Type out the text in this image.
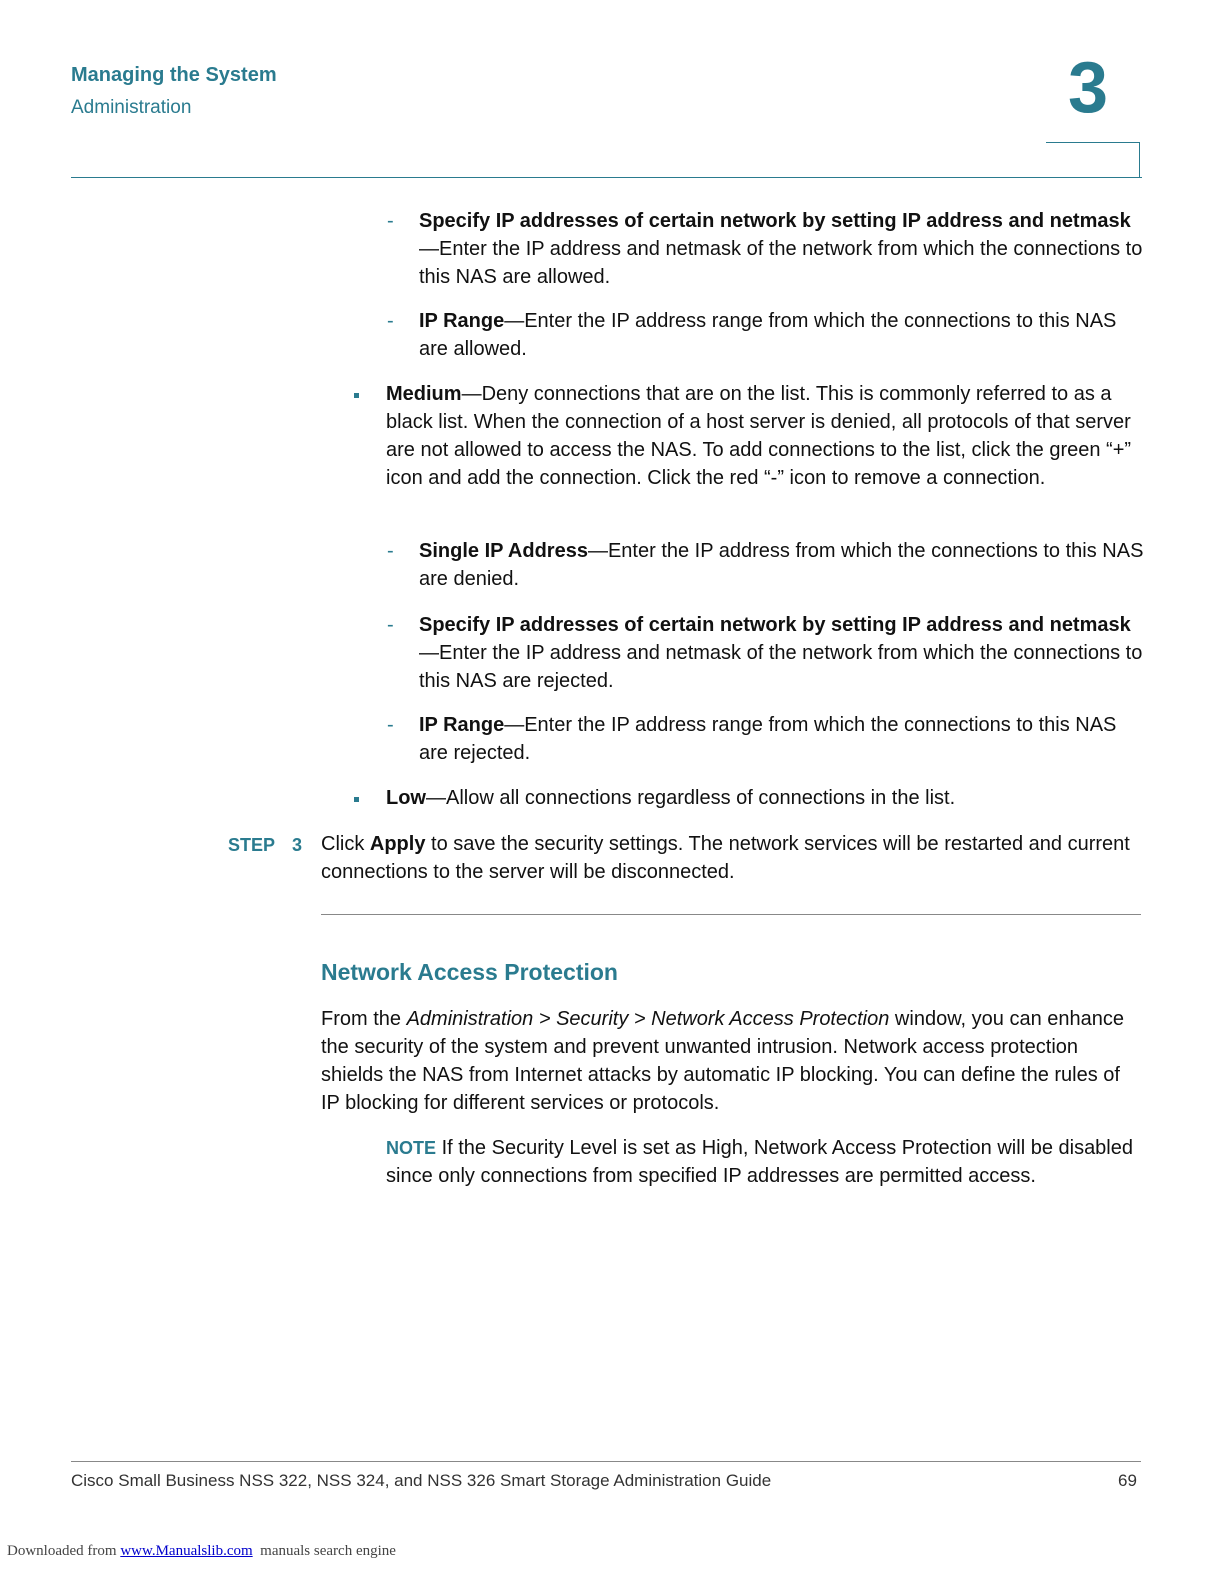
Managing the System
Administration	3
- Specify IP addresses of certain network by setting IP address and netmask—Enter the IP address and netmask of the network from which the connections to this NAS are allowed.

- IP Range—Enter the IP address range from which the connections to this NAS are allowed.

Medium—Deny connections that are on the list. This is commonly referred to as a black list. When the connection of a host server is denied, all protocols of that server are not allowed to access the NAS. To add connections to the list, click the green “+” icon and add the connection. Click the red “-” icon to remove a connection.

- Single IP Address—Enter the IP address from which the connections to this NAS are denied.

- Specify IP addresses of certain network by setting IP address and netmask—Enter the IP address and netmask of the network from which the connections to this NAS are rejected.

- IP Range—Enter the IP address range from which the connections to this NAS are rejected.

Low—Allow all connections regardless of connections in the list.

STEP 3 Click Apply to save the security settings. The network services will be restarted and current connections to the server will be disconnected.

Network Access Protection

From the Administration > Security > Network Access Protection window, you can enhance the security of the system and prevent unwanted intrusion. Network access protection shields the NAS from Internet attacks by automatic IP blocking. You can define the rules of IP blocking for different services or protocols.

NOTE If the Security Level is set as High, Network Access Protection will be disabled since only connections from specified IP addresses are permitted access.

Cisco Small Business NSS 322, NSS 324, and NSS 326 Smart Storage Administration Guide	69
Downloaded from www.Manualslib.com  manuals search engine
